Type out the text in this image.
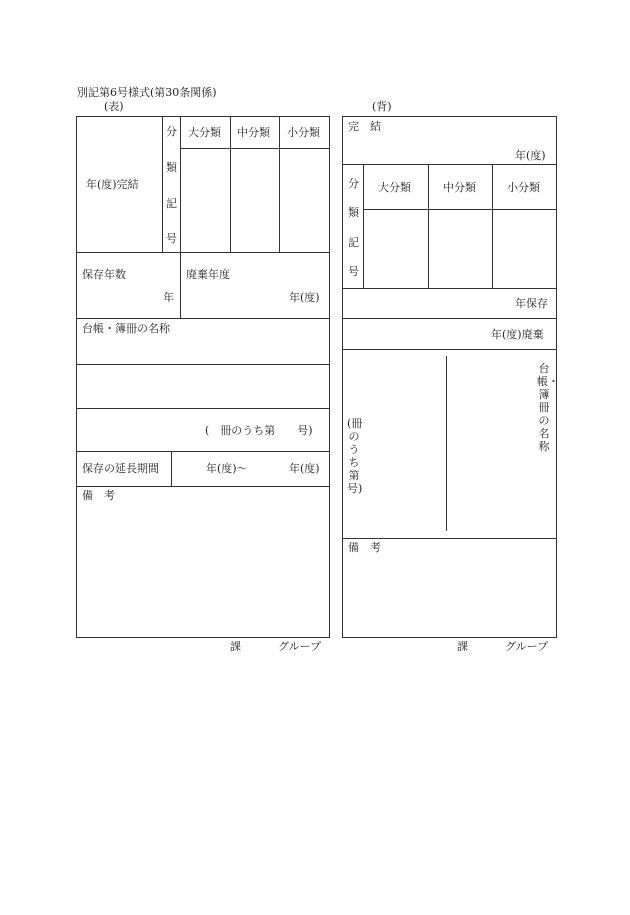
別記第6号様式(第30条関係)
(表)	(背)
年(度)完結
分
類
記
号
大分類 中分類 小分類
保存年数
年
廃棄年度
年(度)
台帳・簿冊の名称
(　冊のうち第　　号)
保存の延長期間	年(度)～	年(度)
備　考
課	グループ
完　結
年(度)
分
類
記
号
大分類	中分類	小分類
年保存
年(度)廃棄
(冊のうち第　　号)
台帳・簿冊の名称
備　考
課	グループ
